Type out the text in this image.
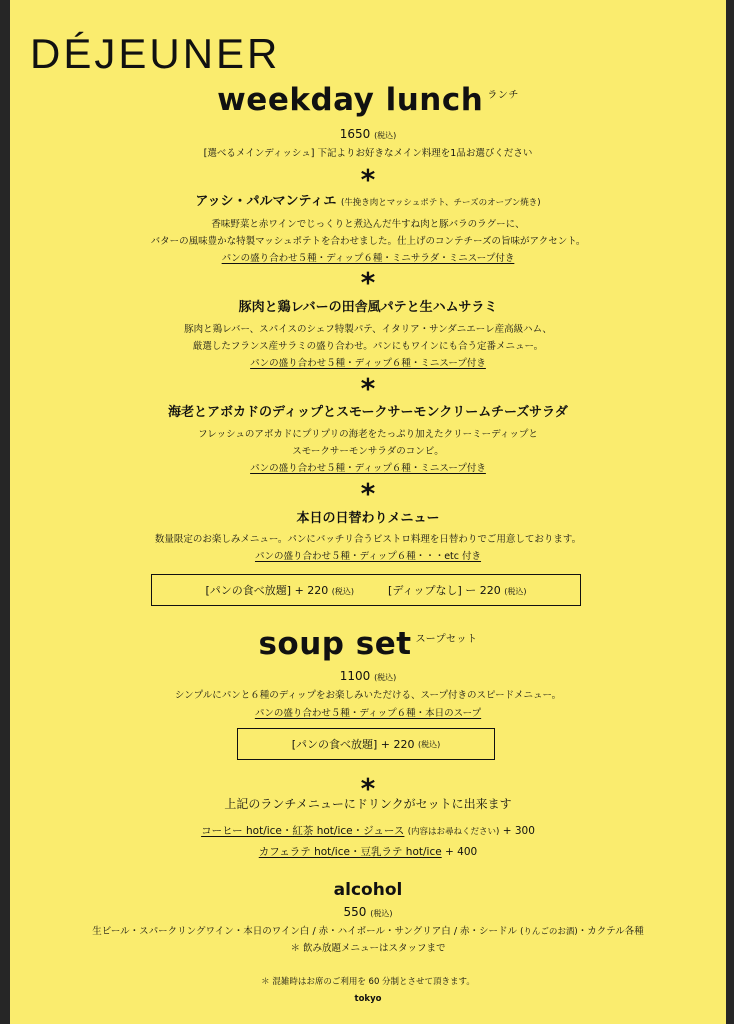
DÉJEUNER
weekday lunch $^{ランチ}$
1650 (税込)
[選べるメインディッシュ] 下記よりお好きなメイン料理を1品お選びください
*
アッシ・パルマンティエ (牛挽き肉とマッシュポテト、チーズのオーブン焼き)
香味野菜と赤ワインでじっくりと煮込んだ牛すね肉と豚バラのラグーに、
バターの風味豊かな特製マッシュポテトを合わせました。仕上げのコンテチーズの旨味がアクセント。
パンの盛り合わせ５種・ディップ６種・ミニサラダ・ミニスープ付き
*
豚肉と鶏レバーの田舎風パテと生ハムサラミ
豚肉と鶏レバー、スパイスのシェフ特製パテ、イタリア・サンダニエーレ産高級ハム、
厳選したフランス産サラミの盛り合わせ。パンにもワインにも合う定番メニュー。
パンの盛り合わせ５種・ディップ６種・ミニスープ付き
*
海老とアボカドのディップとスモークサーモンクリームチーズサラダ
フレッシュのアボカドにプリプリの海老をたっぷり加えたクリーミーディップと
スモークサーモンサラダのコンビ。
パンの盛り合わせ５種・ディップ６種・ミニスープ付き
*
本日の日替わりメニュー
数量限定のお楽しみメニュー。パンにバッチリ合うビストロ料理を日替わりでご用意しております。
パンの盛り合わせ５種・ディップ６種・・・etc 付き
[パンの食べ放題] + 220 (税込)	[ディップなし] ー 220 (税込)
soup set $^{スープセット}$
1100 (税込)
シンプルにパンと６種のディップをお楽しみいただける、スープ付きのスピードメニュー。
パンの盛り合わせ５種・ディップ６種・本日のスープ
[パンの食べ放題] + 220
(税込)
*
上記のランチメニューにドリンクがセットに出来ます
コーヒー hot/ice・紅茶 hot/ice・ジュース (内容はお尋ねください) + 300
カフェラテ hot/ice・豆乳ラテ hot/ice + 400
alcohol
550 (税込)
生ビール・スパークリングワイン・本日のワイン白 / 赤・ハイボール・サングリア白 / 赤・シードル (りんごのお酒)・カクテル各種
＊ 飲み放題メニューはスタッフまで
＊ 混雑時はお席のご利用を 60 分制とさせて頂きます。
tokyo
